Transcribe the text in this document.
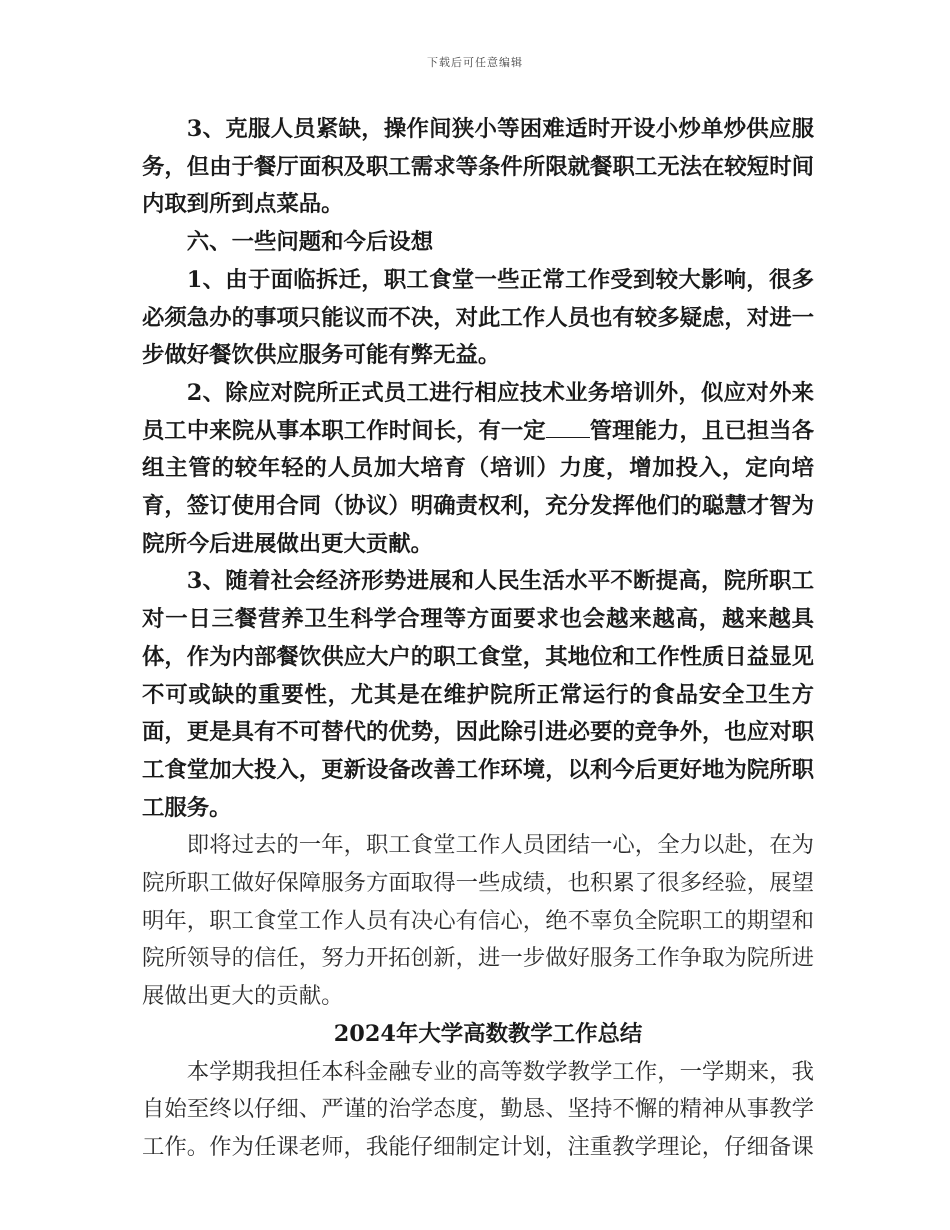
下载后可任意编辑

3、克服人员紧缺，操作间狭小等困难适时开设小炒单炒供应服务，但由于餐厅面积及职工需求等条件所限就餐职工无法在较短时间内取到所到点菜品。

六、一些问题和今后设想

1、由于面临拆迁，职工食堂一些正常工作受到较大影响，很多必须急办的事项只能议而不决，对此工作人员也有较多疑虑，对进一步做好餐饮供应服务可能有弊无益。

2、除应对院所正式员工进行相应技术业务培训外，似应对外来员工中来院从事本职工作时间长，有一定 管理能力，且已担当各组主管的较年轻的人员加大培育（培训）力度，增加投入，定向培育，签订使用合同（协议）明确责权利，充分发挥他们的聪慧才智为院所今后进展做出更大贡献。

3、随着社会经济形势进展和人民生活水平不断提高，院所职工对一日三餐营养卫生科学合理等方面要求也会越来越高，越来越具体，作为内部餐饮供应大户的职工食堂，其地位和工作性质日益显见不可或缺的重要性，尤其是在维护院所正常运行的食品安全卫生方面，更是具有不可替代的优势，因此除引进必要的竞争外，也应对职工食堂加大投入，更新设备改善工作环境，以利今后更好地为院所职工服务。

即将过去的一年，职工食堂工作人员团结一心，全力以赴，在为院所职工做好保障服务方面取得一些成绩，也积累了很多经验，展望明年，职工食堂工作人员有决心有信心，绝不辜负全院职工的期望和院所领导的信任，努力开拓创新，进一步做好服务工作争取为院所进展做出更大的贡献。

2024年大学高数教学工作总结

本学期我担任本科金融专业的高等数学教学工作，一学期来，我自始至终以仔细、严谨的治学态度，勤恳、坚持不懈的精神从事教学工作。作为任课老师，我能仔细制定计划，注重教学理论，仔细备课
